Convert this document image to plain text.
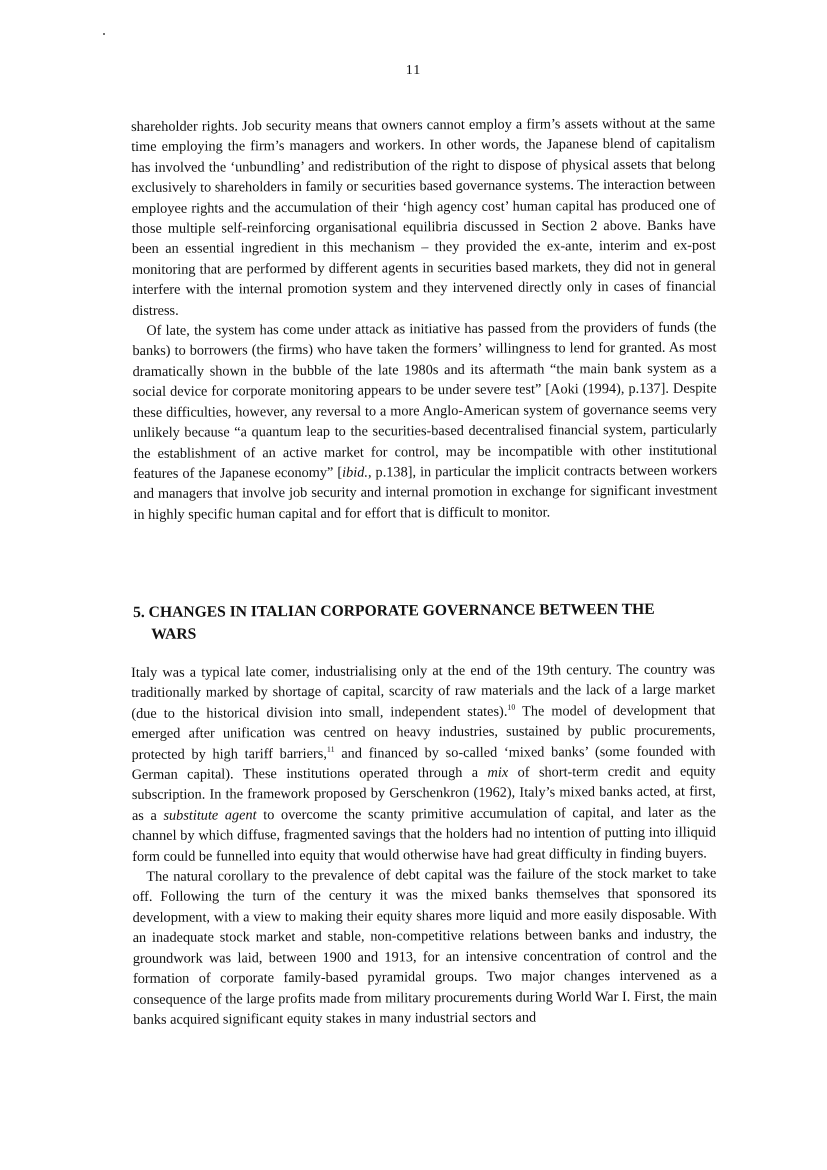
11

shareholder rights. Job security means that owners cannot employ a firm’s assets without at the same time employing the firm’s managers and workers. In other words, the Japanese blend of capitalism has involved the ‘unbundling’ and redistribution of the right to dispose of physical assets that belong exclusively to shareholders in family or securities based governance systems. The interaction between employee rights and the accumulation of their ‘high agency cost’ human capital has produced one of those multiple self-reinforcing organisational equilibria discussed in Section 2 above. Banks have been an essential ingredient in this mechanism – they provided the ex-ante, interim and ex-post monitoring that are performed by different agents in securities based markets, they did not in general interfere with the internal promotion system and they intervened directly only in cases of financial distress.

Of late, the system has come under attack as initiative has passed from the providers of funds (the banks) to borrowers (the firms) who have taken the formers’ willingness to lend for granted. As most dramatically shown in the bubble of the late 1980s and its aftermath “the main bank system as a social device for corporate monitoring appears to be under severe test” [Aoki (1994), p.137]. Despite these difficulties, however, any reversal to a more Anglo-American system of governance seems very unlikely because “a quantum leap to the securities-based decentralised financial system, particularly the establishment of an active market for control, may be incompatible with other institutional features of the Japanese economy” [ibid., p.138], in particular the implicit contracts between workers and managers that involve job security and internal promotion in exchange for significant investment in highly specific human capital and for effort that is difficult to monitor.

5. CHANGES IN ITALIAN CORPORATE GOVERNANCE BETWEEN THE
WARS

Italy was a typical late comer, industrialising only at the end of the 19th century. The country was traditionally marked by shortage of capital, scarcity of raw materials and the lack of a large market (due to the historical division into small, independent states).$^{10}$ The model of development that emerged after unification was centred on heavy industries, sustained by public procurements, protected by high tariff barriers,$^{11}$ and financed by so-called ‘mixed banks’ (some founded with German capital). These institutions operated through a mix of short-term credit and equity subscription. In the framework proposed by Gerschenkron (1962), Italy’s mixed banks acted, at first, as a substitute agent to overcome the scanty primitive accumulation of capital, and later as the channel by which diffuse, fragmented savings that the holders had no intention of putting into illiquid form could be funnelled into equity that would otherwise have had great difficulty in finding buyers.

The natural corollary to the prevalence of debt capital was the failure of the stock market to take off. Following the turn of the century it was the mixed banks themselves that sponsored its development, with a view to making their equity shares more liquid and more easily disposable. With an inadequate stock market and stable, non-competitive relations between banks and industry, the groundwork was laid, between 1900 and 1913, for an intensive concentration of control and the formation of corporate family-based pyramidal groups. Two major changes intervened as a consequence of the large profits made from military procurements during World War I. First, the main banks acquired significant equity stakes in many industrial sectors and
